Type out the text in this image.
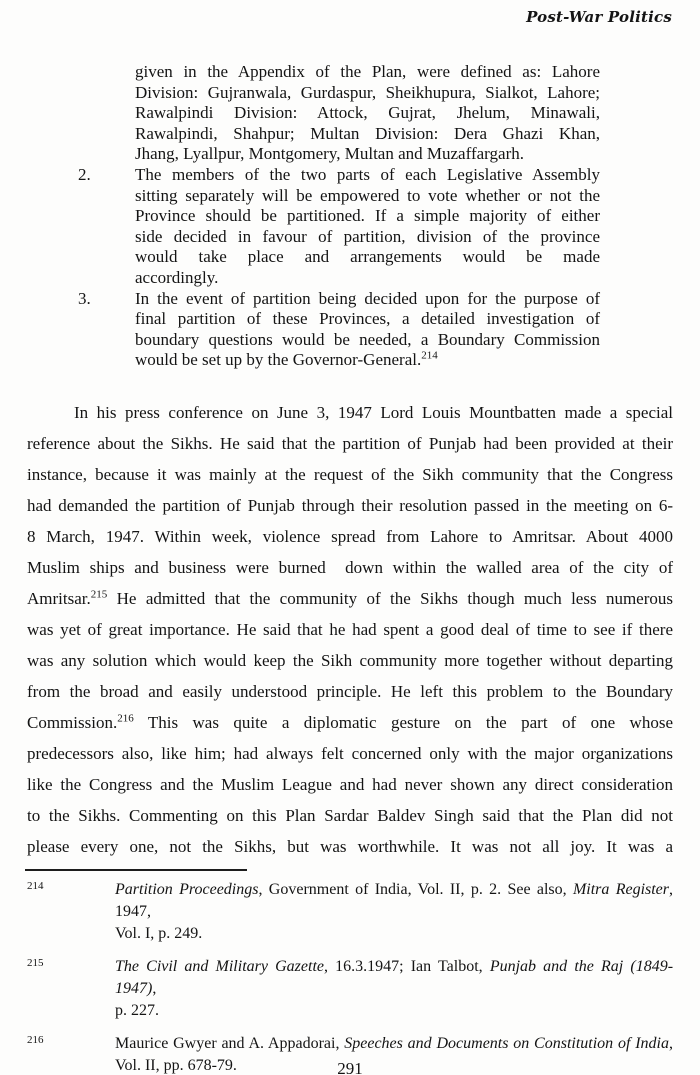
Post-War Politics
given in the Appendix of the Plan, were defined as: Lahore
Division: Gujranwala, Gurdaspur, Sheikhupura, Sialkot, Lahore;
Rawalpindi Division: Attock, Gujrat, Jhelum, Minawali,
Rawalpindi, Shahpur; Multan Division: Dera Ghazi Khan,
Jhang, Lyallpur, Montgomery, Multan and Muzaffargarh.
2.	The members of the two parts of each Legislative Assembly
sitting separately will be empowered to vote whether or not the
Province should be partitioned. If a simple majority of either
side decided in favour of partition, division of the province
would take place and arrangements would be made
accordingly.
3.	In the event of partition being decided upon for the purpose of
final partition of these Provinces, a detailed investigation of
boundary questions would be needed, a Boundary Commission
would be set up by the Governor-General.$^{214}$
In his press conference on June 3, 1947 Lord Louis Mountbatten made a special
reference about the Sikhs. He said that the partition of Punjab had been provided at their
instance, because it was mainly at the request of the Sikh community that the Congress
had demanded the partition of Punjab through their resolution passed in the meeting on 6-
8 March, 1947. Within week, violence spread from Lahore to Amritsar. About 4000
Muslim ships and business were burned  down within the walled area of the city of
Amritsar.$^{215}$ He admitted that the community of the Sikhs though much less numerous
was yet of great importance. He said that he had spent a good deal of time to see if there
was any solution which would keep the Sikh community more together without departing
from the broad and easily understood principle. He left this problem to the Boundary
Commission.$^{216}$ This was quite a diplomatic gesture on the part of one whose
predecessors also, like him; had always felt concerned only with the major organizations
like the Congress and the Muslim League and had never shown any direct consideration
to the Sikhs. Commenting on this Plan Sardar Baldev Singh said that the Plan did not
please every one, not the Sikhs, but was worthwhile. It was not all joy. It was a
214	Partition Proceedings, Government of India, Vol. II, p. 2. See also, Mitra Register, 1947,
Vol. I, p. 249.
215	The Civil and Military Gazette, 16.3.1947; Ian Talbot, Punjab and the Raj (1849-1947),
p. 227.
216	Maurice Gwyer and A. Appadorai, Speeches and Documents on Constitution of India,
Vol. II, pp. 678-79.	291
